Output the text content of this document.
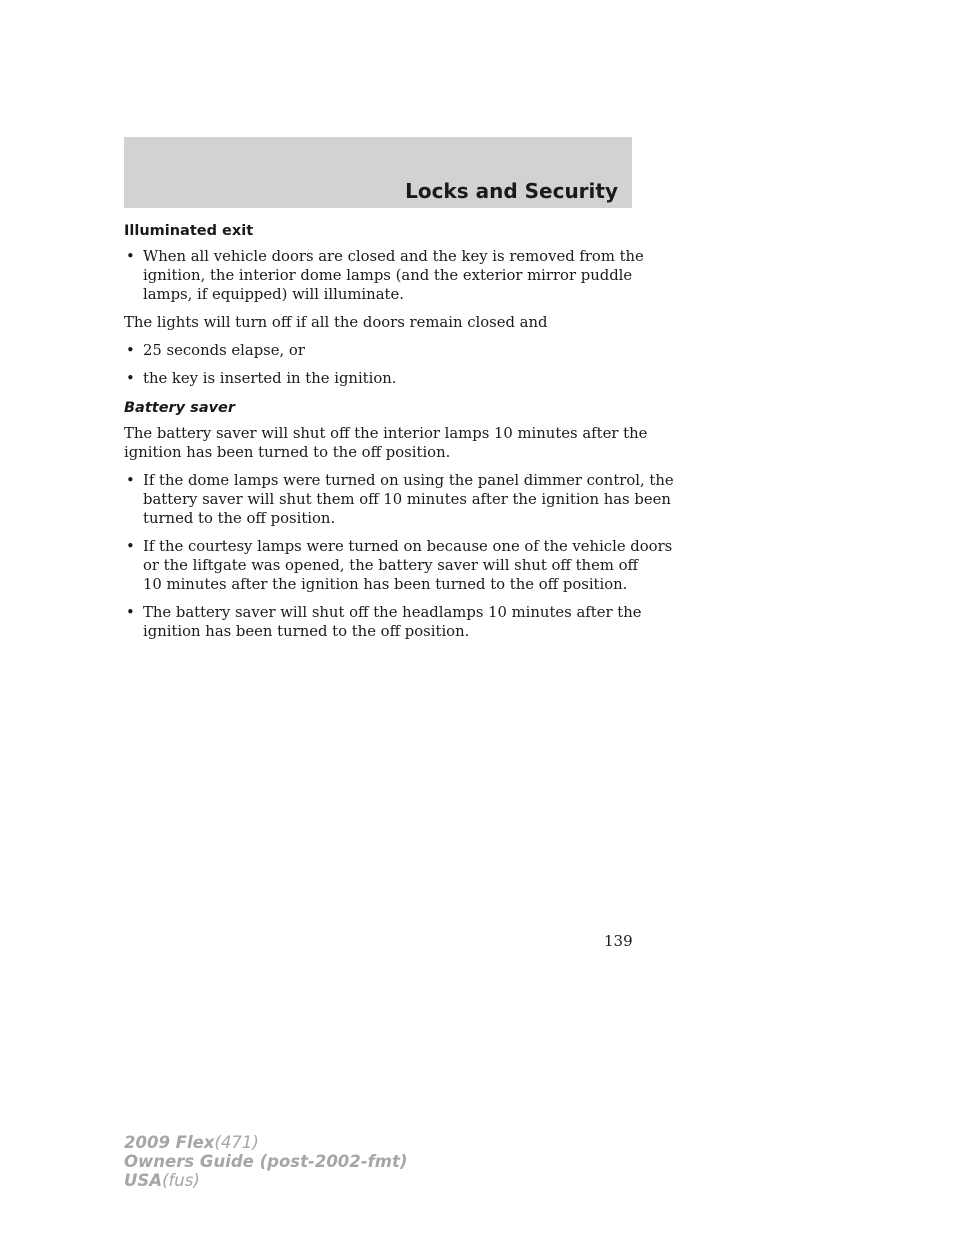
Locks and Security
Illuminated exit
• When all vehicle doors are closed and the key is removed from the
ignition, the interior dome lamps (and the exterior mirror puddle
lamps, if equipped) will illuminate.

The lights will turn off if all the doors remain closed and

• 25 seconds elapse, or
• the key is inserted in the ignition.
Battery saver

The battery saver will shut off the interior lamps 10 minutes after the
ignition has been turned to the off position.

• If the dome lamps were turned on using the panel dimmer control, the
battery saver will shut them off 10 minutes after the ignition has been
turned to the off position.
• If the courtesy lamps were turned on because one of the vehicle doors
or the liftgate was opened, the battery saver will shut off them off
10 minutes after the ignition has been turned to the off position.
• The battery saver will shut off the headlamps 10 minutes after the
ignition has been turned to the off position.
139
2009 Flex(471)
Owners Guide (post-2002-fmt)
USA(fus)
